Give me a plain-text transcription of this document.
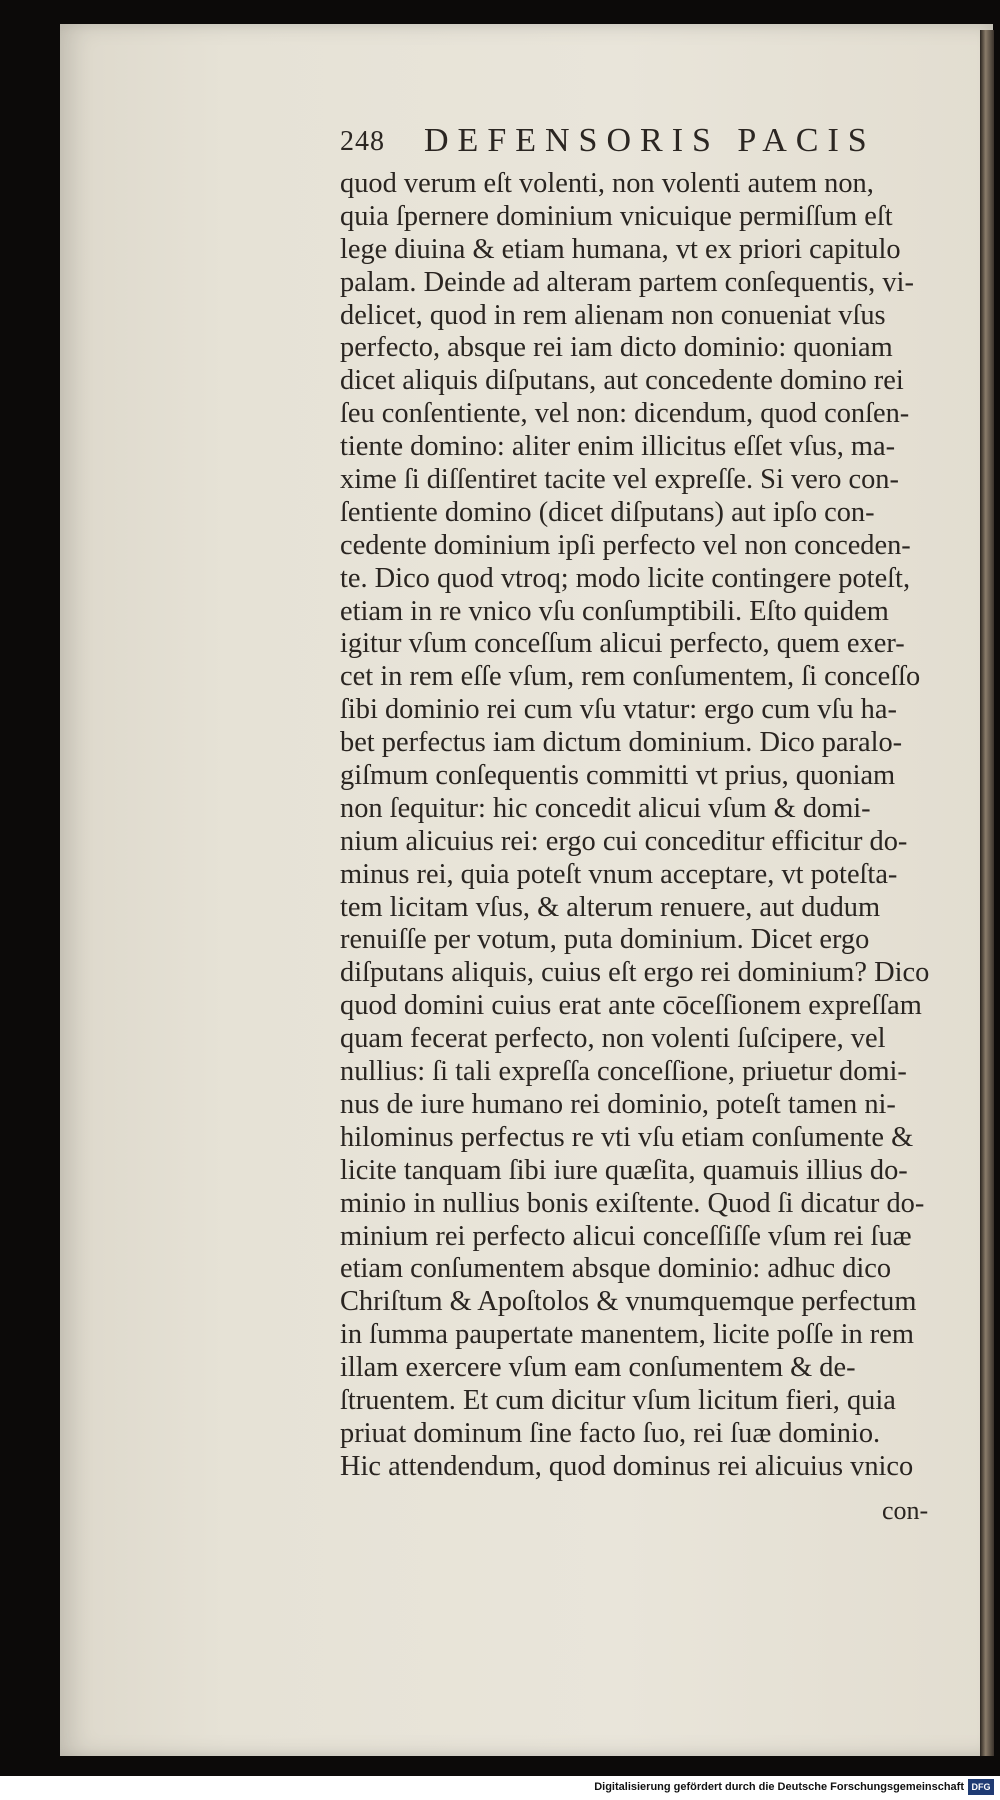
248 DEFENSORIS PACIS
quod verum eſt volenti, non volenti autem non,
quia ſpernere dominium vnicuique permiſſum eſt
lege diuina & etiam humana, vt ex priori capitulo
palam. Deinde ad alteram partem conſequentis, vi-
delicet, quod in rem alienam non conueniat vſus
perfecto, absque rei iam dicto dominio: quoniam
dicet aliquis diſputans, aut concedente domino rei
ſeu conſentiente, vel non: dicendum, quod conſen-
tiente domino: aliter enim illicitus eſſet vſus, ma-
xime ſi diſſentiret tacite vel expreſſe. Si vero con-
ſentiente domino (dicet diſputans) aut ipſo con-
cedente dominium ipſi perfecto vel non conceden-
te. Dico quod vtroq; modo licite contingere poteſt,
etiam in re vnico vſu conſumptibili. Eſto quidem
igitur vſum conceſſum alicui perfecto, quem exer-
cet in rem eſſe vſum, rem conſumentem, ſi conceſſo
ſibi dominio rei cum vſu vtatur: ergo cum vſu ha-
bet perfectus iam dictum dominium. Dico paralo-
giſmum conſequentis committi vt prius, quoniam
non ſequitur: hic concedit alicui vſum & domi-
nium alicuius rei: ergo cui conceditur efficitur do-
minus rei, quia poteſt vnum acceptare, vt poteſta-
tem licitam vſus, & alterum renuere, aut dudum
renuiſſe per votum, puta dominium. Dicet ergo
diſputans aliquis, cuius eſt ergo rei dominium? Dico
quod domini cuius erat ante cōceſſionem expreſſam
quam fecerat perfecto, non volenti ſuſcipere, vel
nullius: ſi tali expreſſa conceſſione, priuetur domi-
nus de iure humano rei dominio, poteſt tamen ni-
hilominus perfectus re vti vſu etiam conſumente &
licite tanquam ſibi iure quæſita, quamuis illius do-
minio in nullius bonis exiſtente. Quod ſi dicatur do-
minium rei perfecto alicui conceſſiſſe vſum rei ſuæ
etiam conſumentem absque dominio: adhuc dico
Chriſtum & Apoſtolos & vnumquemque perfectum
in ſumma paupertate manentem, licite poſſe in rem
illam exercere vſum eam conſumentem & de-
ſtruentem. Et cum dicitur vſum licitum fieri, quia
priuat dominum ſine facto ſuo, rei ſuæ dominio.
Hic attendendum, quod dominus rei alicuius vnico
con-
Digitalisierung gefördert durch die Deutsche Forschungsgemeinschaft DFG
